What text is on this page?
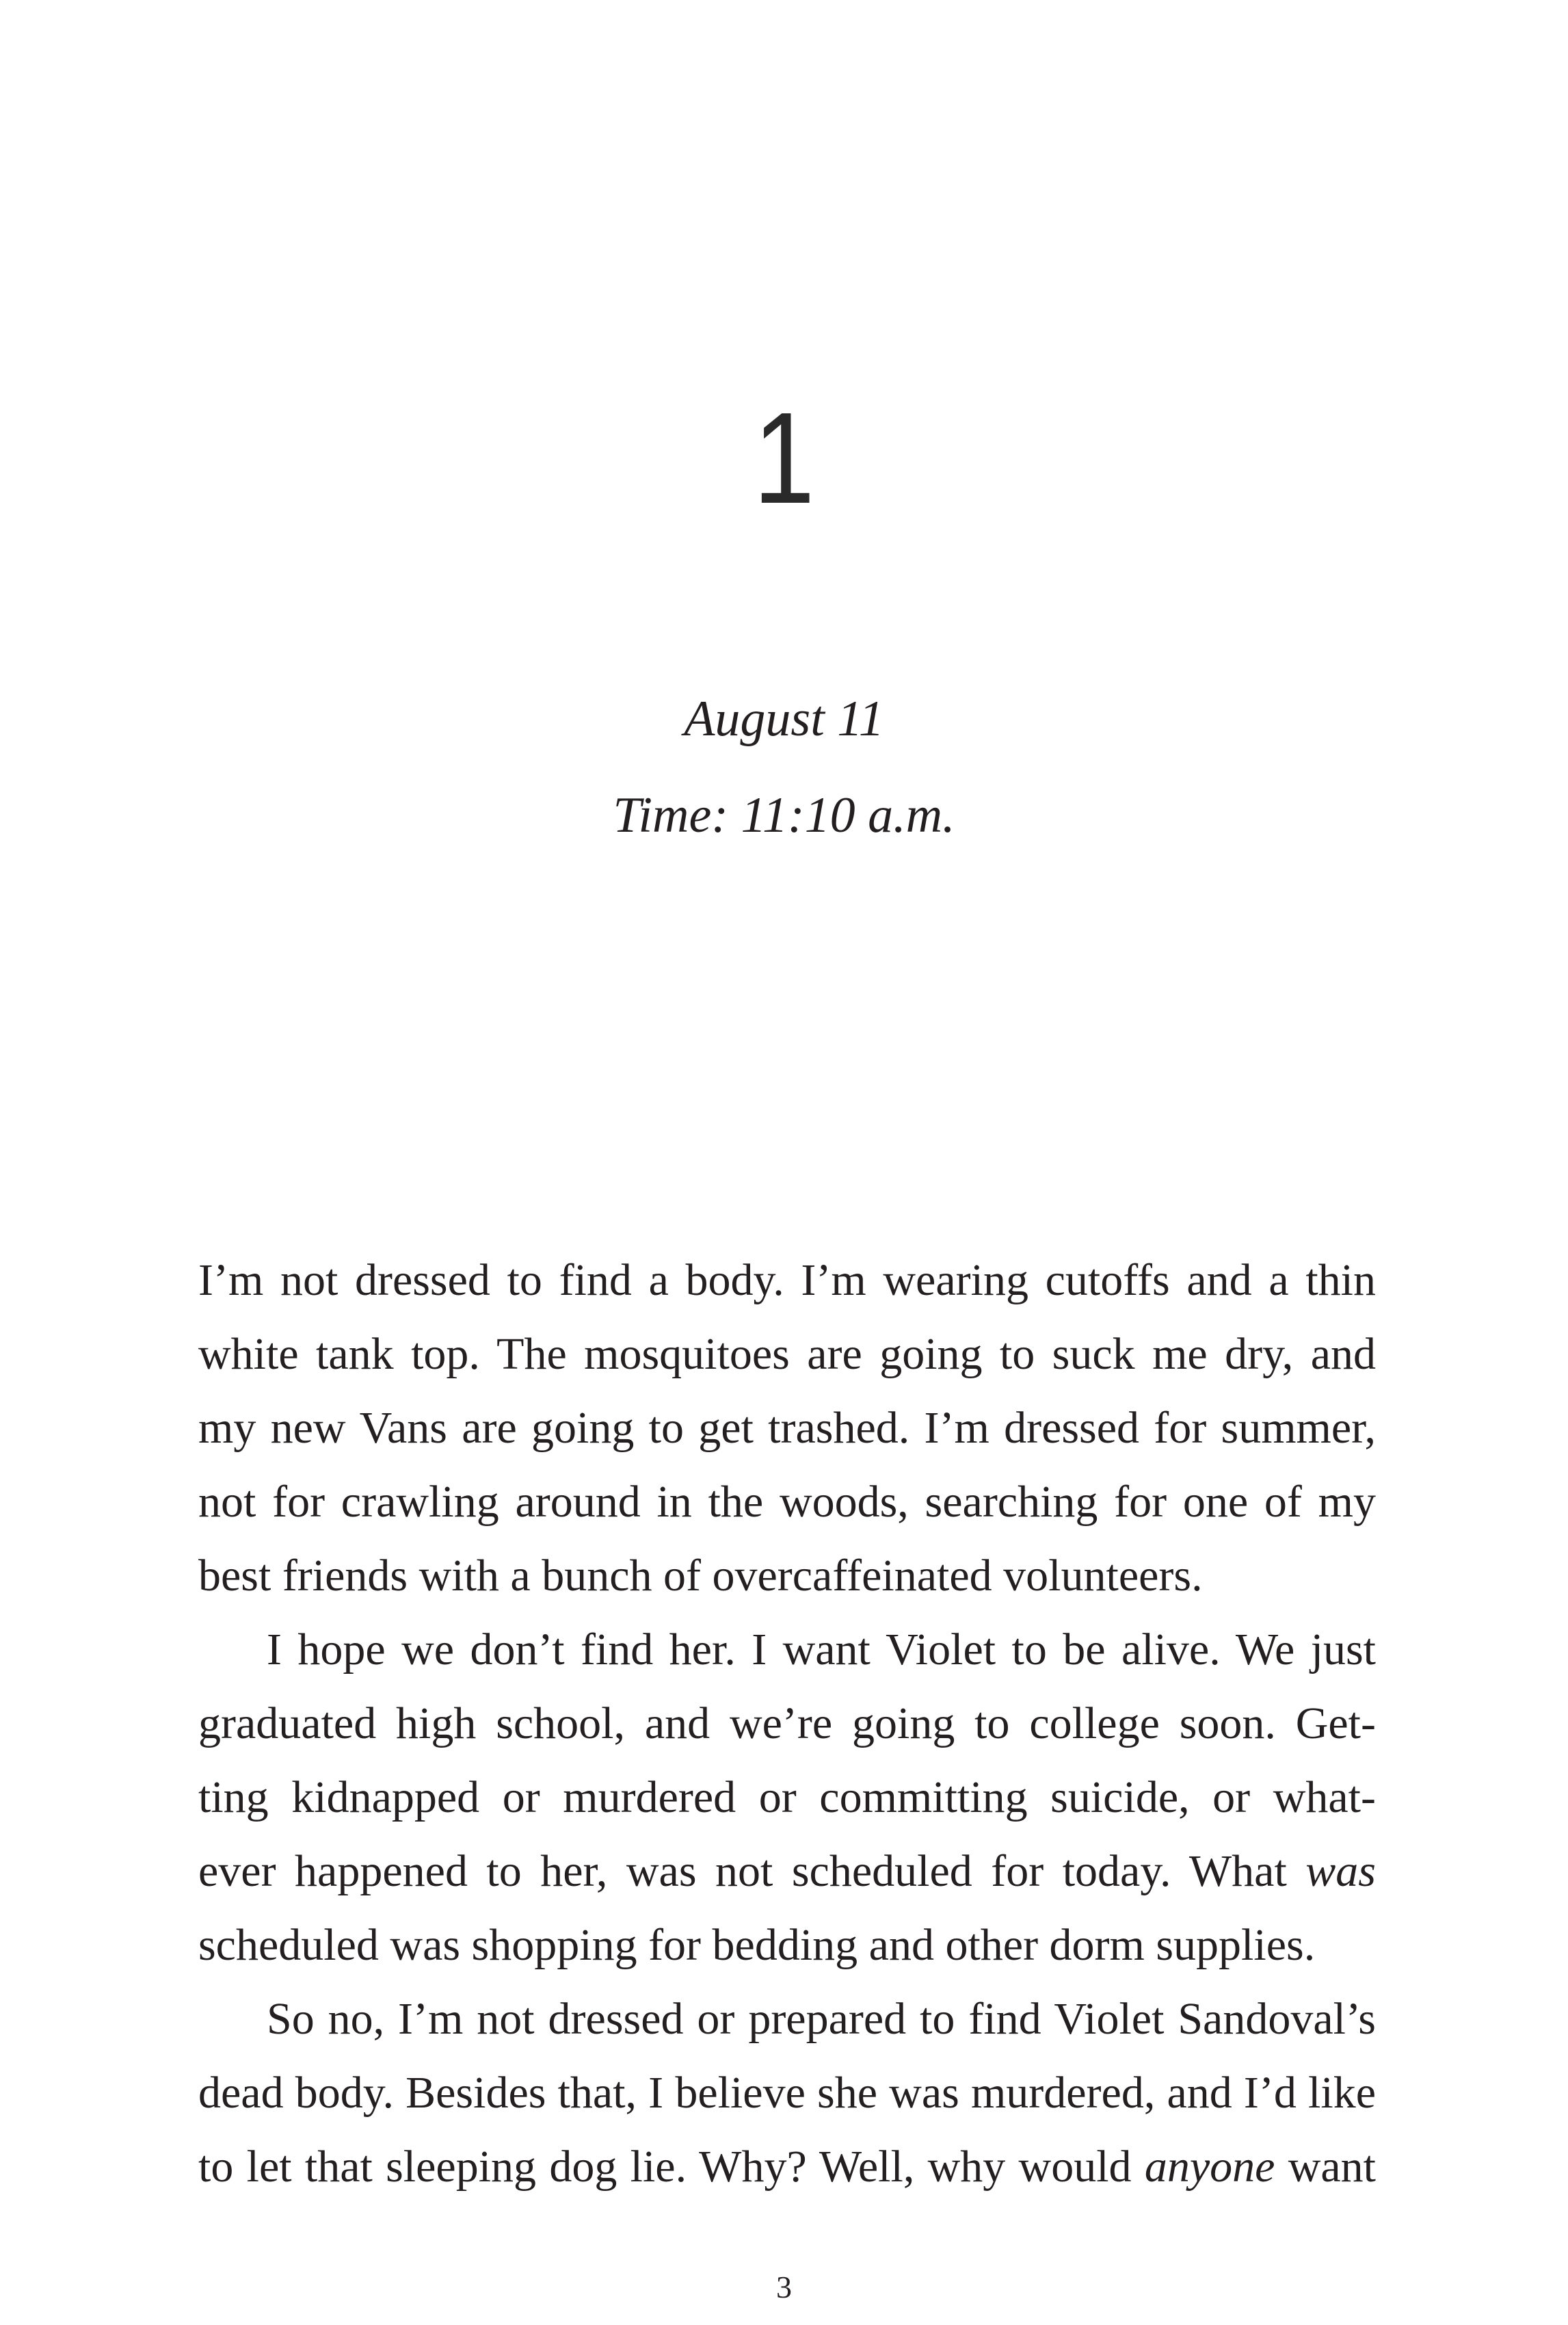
1
August 11
Time: 11:10 a.m.
I’m not dressed to find a body. I’m wearing cutoffs and a thin
white tank top. The mosquitoes are going to suck me dry, and
my new Vans are going to get trashed. I’m dressed for summer,
not for crawling around in the woods, searching for one of my
best friends with a bunch of overcaffeinated volunteers.
I hope we don’t find her. I want Violet to be alive. We just
graduated high school, and we’re going to college soon. Get-
ting kidnapped or murdered or committing suicide, or what-
ever happened to her, was not scheduled for today. What was
scheduled was shopping for bedding and other dorm supplies.
So no, I’m not dressed or prepared to find Violet Sandoval’s
dead body. Besides that, I believe she was murdered, and I’d like
to let that sleeping dog lie. Why? Well, why would anyone want
3
